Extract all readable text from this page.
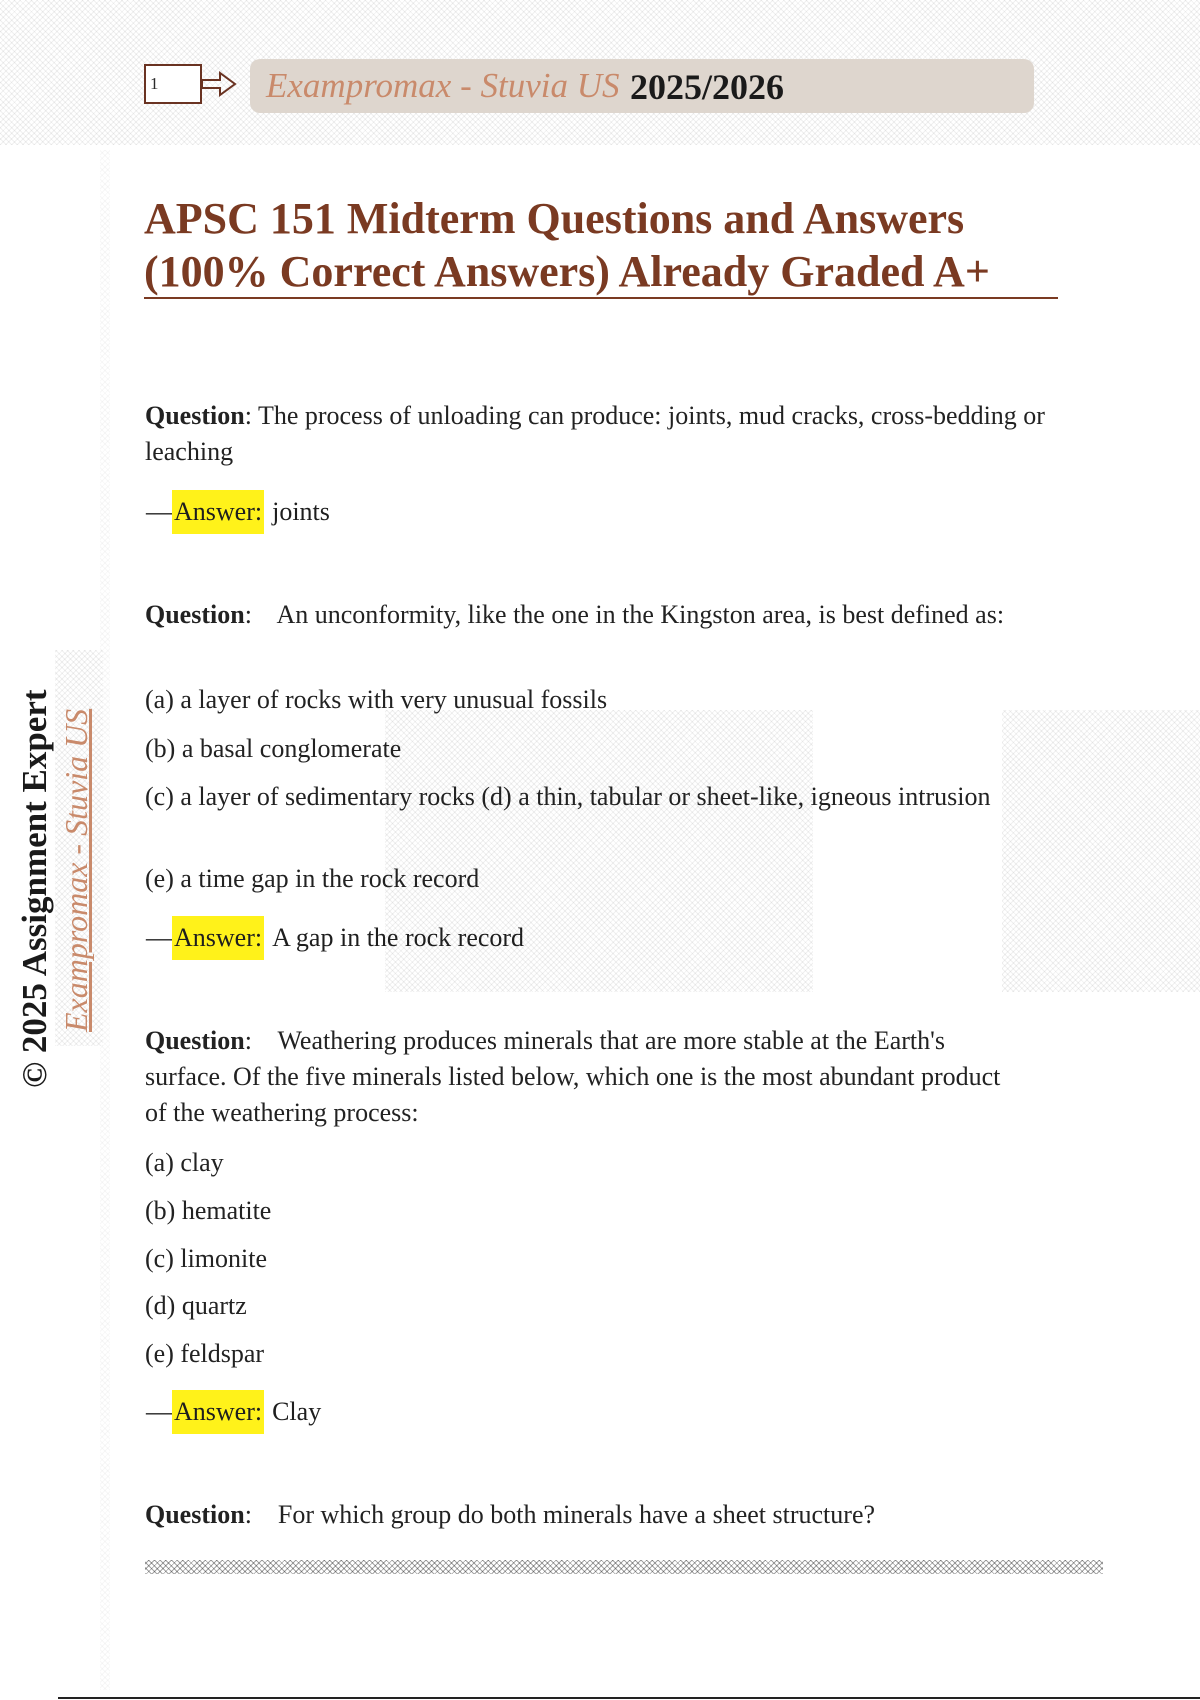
1	Exampromax - Stuvia US 2025/2026
APSC 151 Midterm Questions and Answers
(100% Correct Answers) Already Graded A+
© 2025 Assignment Expert Exampromax - Stuvia US

Question: The process of unloading can produce: joints, mud cracks, cross-bedding or leaching

—Answer: joints

Question:    An unconformity, like the one in the Kingston area, is best defined as:

(a) a layer of rocks with very unusual fossils
(b) a basal conglomerate
(c) a layer of sedimentary rocks (d) a thin, tabular or sheet-like, igneous intrusion
(e) a time gap in the rock record
—Answer: A gap in the rock record

Question:    Weathering produces minerals that are more stable at the Earth's surface. Of the five minerals listed below, which one is the most abundant product of the weathering process:

(a) clay
(b) hematite
(c) limonite
(d) quartz
(e) feldspar
—Answer: Clay

Question:    For which group do both minerals have a sheet structure?
